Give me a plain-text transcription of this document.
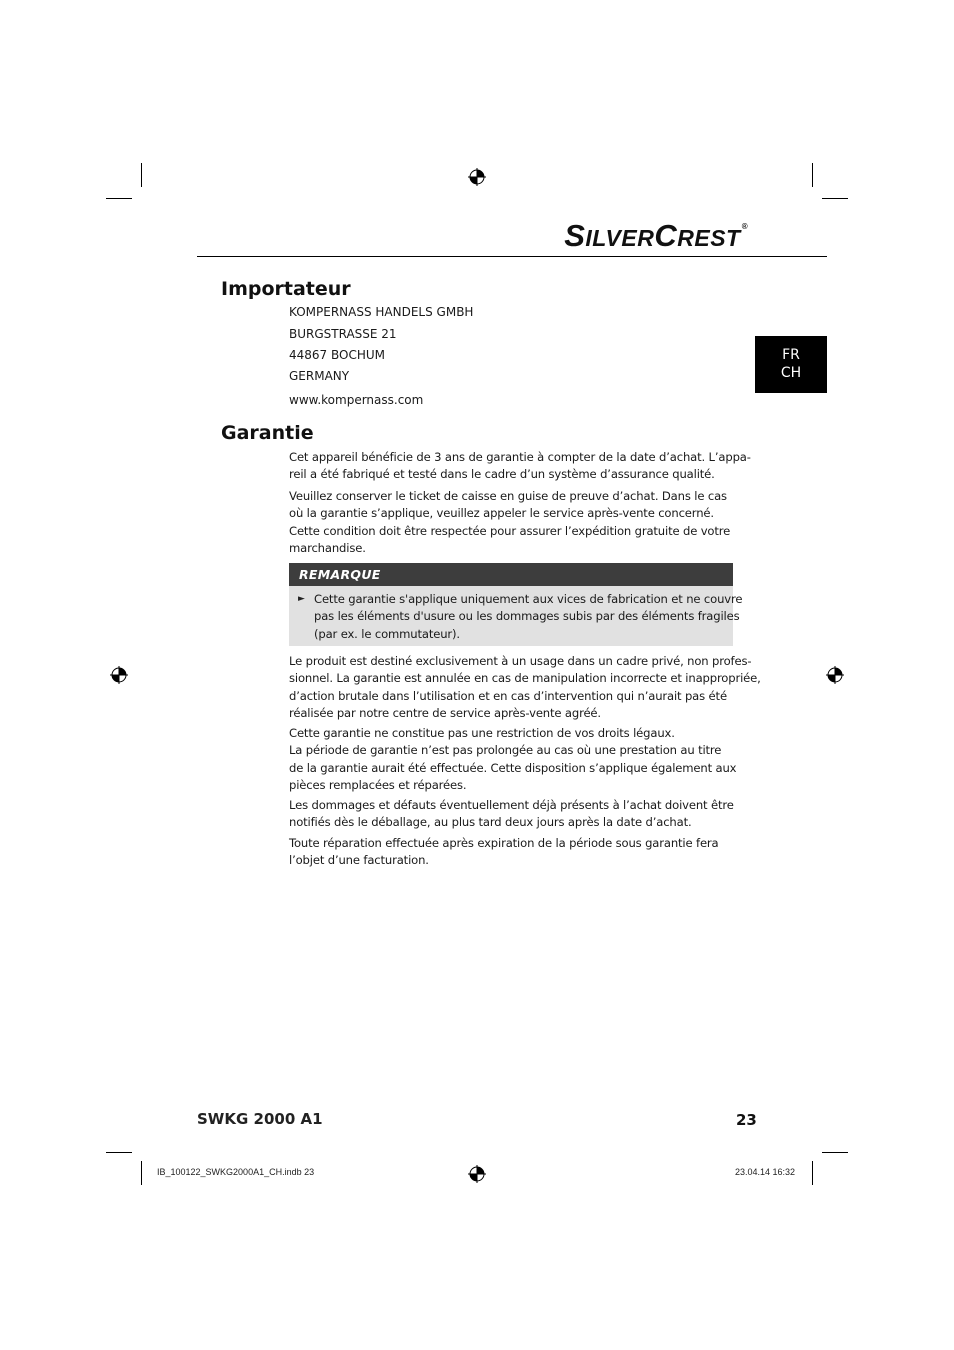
SILVERCREST®
FR
CH
Importateur
KOMPERNASS HANDELS GMBH
BURGSTRASSE 21
44867 BOCHUM
GERMANY
www.kompernass.com
Garantie

Cet appareil bénéficie de 3 ans de garantie à compter de la date d’achat. L’appa-
reil a été fabriqué et testé dans le cadre d’un système d’assurance qualité.

Veuillez conserver le ticket de caisse en guise de preuve d’achat. Dans le cas
où la garantie s’applique, veuillez appeler le service après-vente concerné.
Cette condition doit être respectée pour assurer l’expédition gratuite de votre
marchandise.

REMARQUE
► Cette garantie s'applique uniquement aux vices de fabrication et ne couvre
pas les éléments d'usure ou les dommages subis par des éléments fragiles
(par ex. le commutateur).

Le produit est destiné exclusivement à un usage dans un cadre privé, non profes-
sionnel. La garantie est annulée en cas de manipulation incorrecte et inappropriée,
d’action brutale dans l’utilisation et en cas d’intervention qui n’aurait pas été
réalisée par notre centre de service après-vente agréé.

Cette garantie ne constitue pas une restriction de vos droits légaux.
La période de garantie n’est pas prolongée au cas où une prestation au titre
de la garantie aurait été effectuée. Cette disposition s’applique également aux
pièces remplacées et réparées.

Les dommages et défauts éventuellement déjà présents à l’achat doivent être
notifiés dès le déballage, au plus tard deux jours après la date d’achat.

Toute réparation effectuée après expiration de la période sous garantie fera
l’objet d’une facturation.

SWKG 2000 A1	23
IB_100122_SWKG2000A1_CH.indb 23	23.04.14 16:32
